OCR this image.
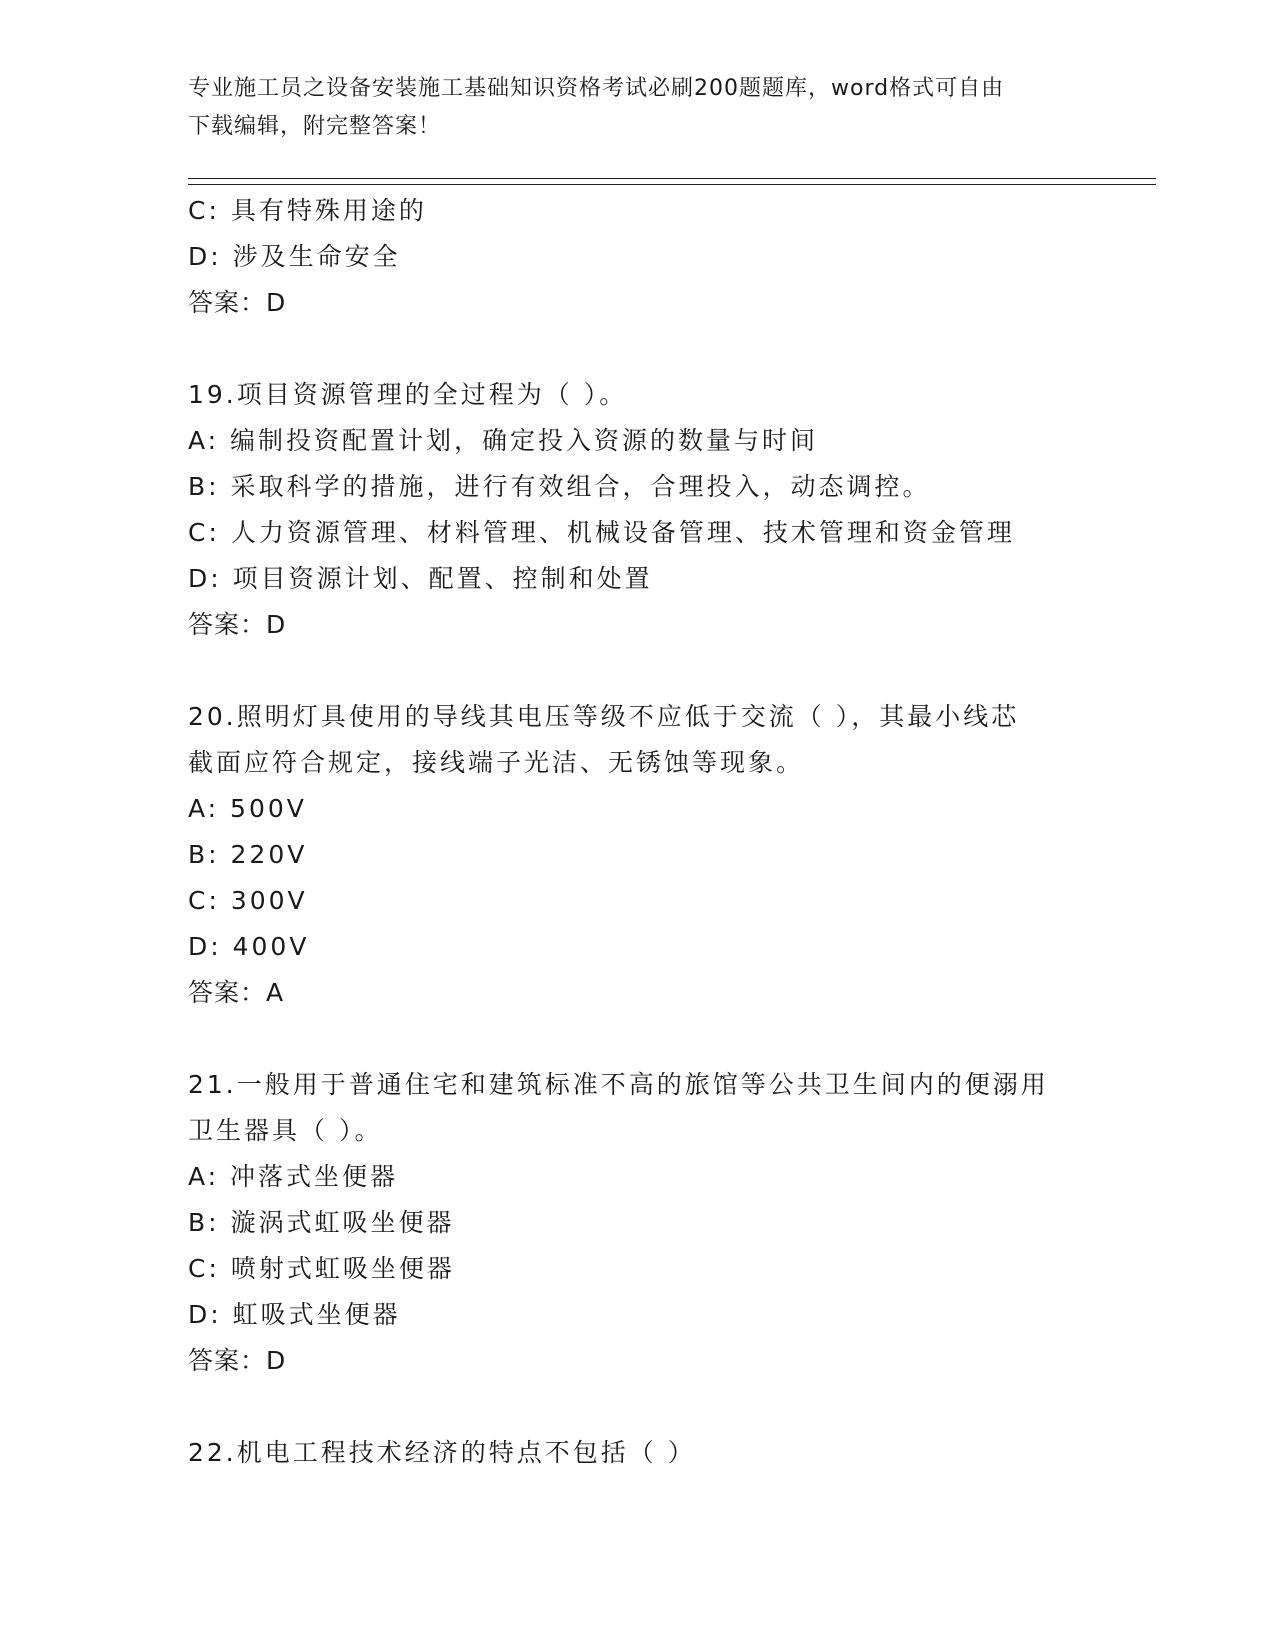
专业施工员之设备安装施工基础知识资格考试必刷200题题库，word格式可自由
下载编辑，附完整答案！
C: 具有特殊用途的
D: 涉及生命安全
答案：D
19.项目资源管理的全过程为（ ）。
A: 编制投资配置计划，确定投入资源的数量与时间
B: 采取科学的措施，进行有效组合，合理投入，动态调控。
C: 人力资源管理、材料管理、机械设备管理、技术管理和资金管理
D: 项目资源计划、配置、控制和处置
答案：D
20.照明灯具使用的导线其电压等级不应低于交流（ ），其最小线芯
截面应符合规定，接线端子光洁、无锈蚀等现象。
A: 500V
B: 220V
C: 300V
D: 400V
答案：A
21.一般用于普通住宅和建筑标准不高的旅馆等公共卫生间内的便溺用
卫生器具（ ）。
A: 冲落式坐便器
B: 漩涡式虹吸坐便器
C: 喷射式虹吸坐便器
D: 虹吸式坐便器
答案：D
22.机电工程技术经济的特点不包括（ ）
